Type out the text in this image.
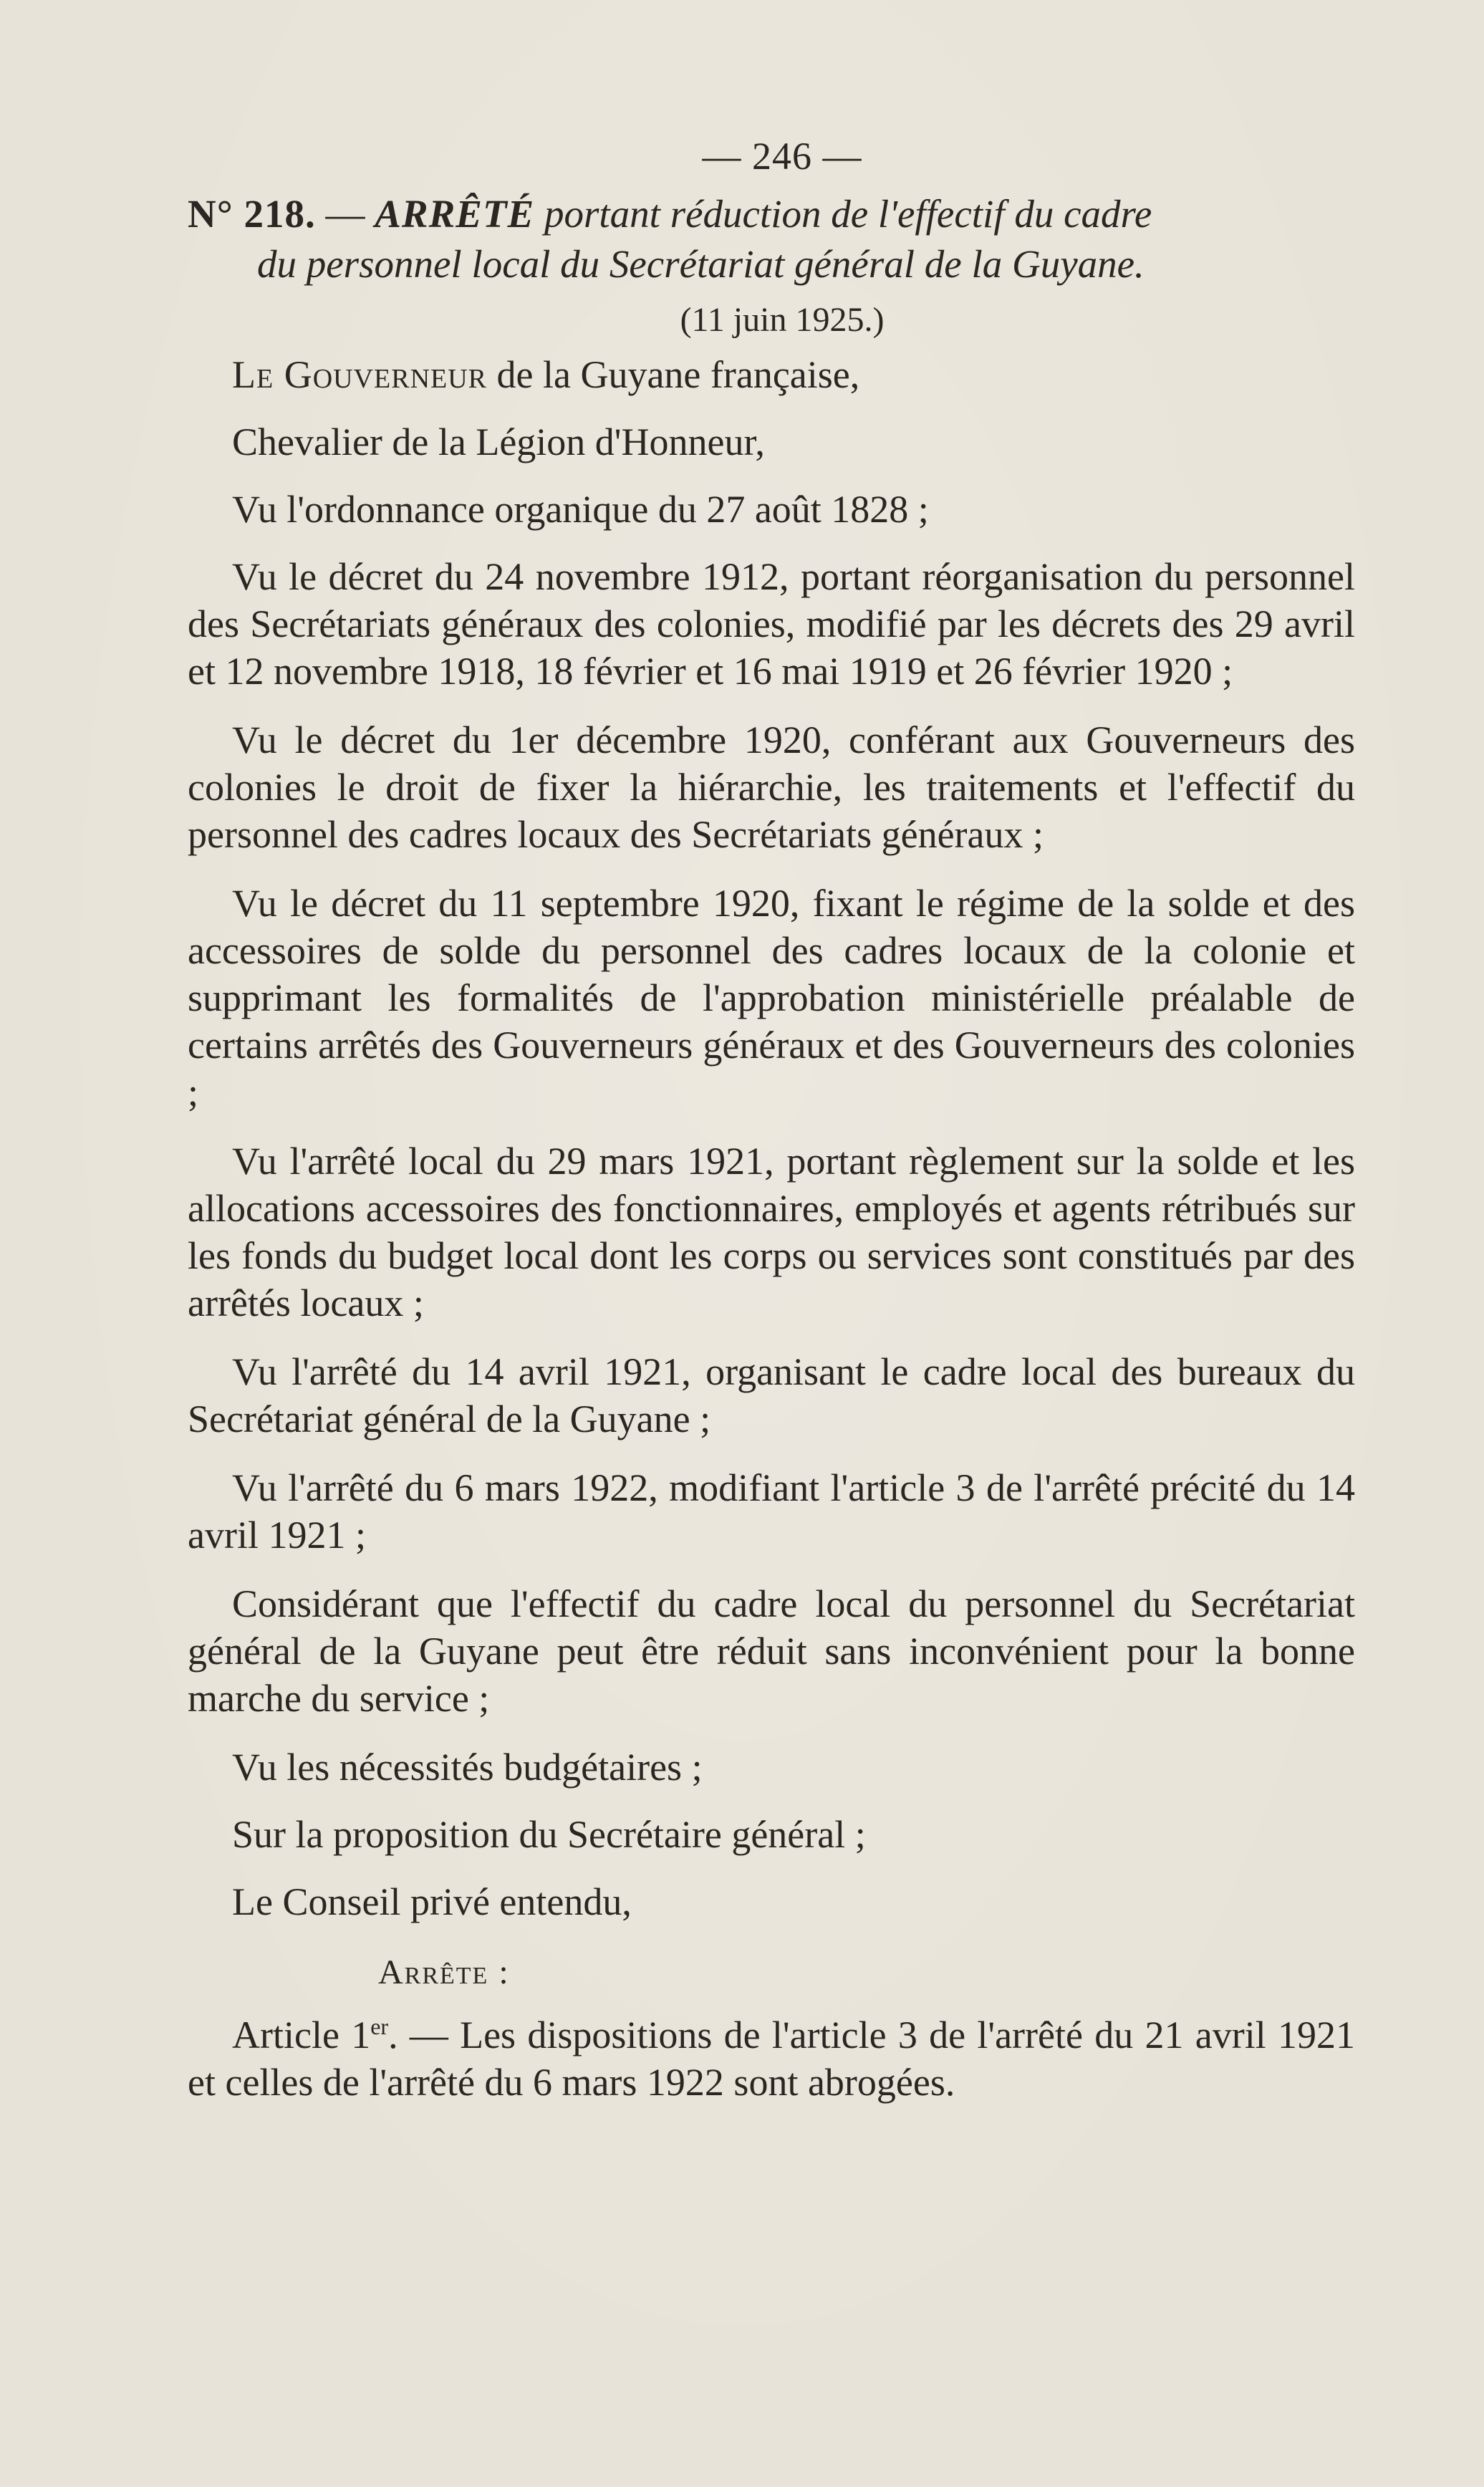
— 246 —
N° 218. — ARRÊTÉ portant réduction de l'effectif du cadre
du personnel local du Secrétariat général de la Guyane.
(11 juin 1925.)

Le Gouverneur de la Guyane française,

Chevalier de la Légion d'Honneur,

Vu l'ordonnance organique du 27 août 1828 ;

Vu le décret du 24 novembre 1912, portant réorganisation du personnel des Secrétariats généraux des colonies, modifié par les décrets des 29 avril et 12 novembre 1918, 18 février et 16 mai 1919 et 26 février 1920 ;

Vu le décret du 1er décembre 1920, conférant aux Gouverneurs des colonies le droit de fixer la hiérarchie, les traitements et l'effectif du personnel des cadres locaux des Secrétariats généraux ;

Vu le décret du 11 septembre 1920, fixant le régime de la solde et des accessoires de solde du personnel des cadres locaux de la colonie et supprimant les formalités de l'approbation ministérielle préalable de certains arrêtés des Gouverneurs généraux et des Gouverneurs des colonies ;

Vu l'arrêté local du 29 mars 1921, portant règlement sur la solde et les allocations accessoires des fonctionnaires, employés et agents rétribués sur les fonds du budget local dont les corps ou services sont constitués par des arrêtés locaux ;

Vu l'arrêté du 14 avril 1921, organisant le cadre local des bureaux du Secrétariat général de la Guyane ;

Vu l'arrêté du 6 mars 1922, modifiant l'article 3 de l'arrêté précité du 14 avril 1921 ;

Considérant que l'effectif du cadre local du personnel du Secrétariat général de la Guyane peut être réduit sans inconvénient pour la bonne marche du service ;

Vu les nécessités budgétaires ;

Sur la proposition du Secrétaire général ;

Le Conseil privé entendu,

Arrête :

Article 1er. — Les dispositions de l'article 3 de l'arrêté du 21 avril 1921 et celles de l'arrêté du 6 mars 1922 sont abrogées.
